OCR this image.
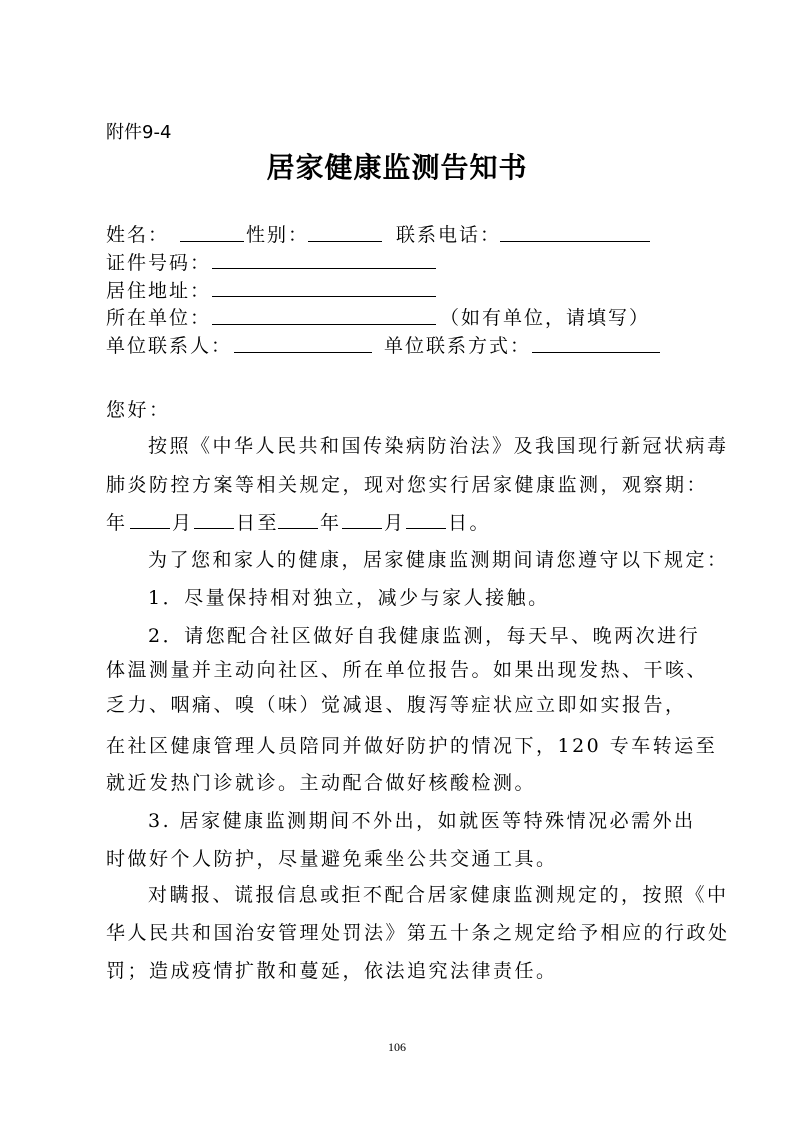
附件9-4
居家健康监测告知书
姓名：	性别：	联系电话：
证件号码：
居住地址：
所在单位：	（如有单位，请填写）
单位联系人：	单位联系方式：
您好：
按照《中华人民共和国传染病防治法》及我国现行新冠状病毒
肺炎防控方案等相关规定，现对您实行居家健康监测，观察期：
年 月 日至 年 月 日。
为了您和家人的健康，居家健康监测期间请您遵守以下规定：
1．尽量保持相对独立，减少与家人接触。
2．请您配合社区做好自我健康监测，每天早、晚两次进行
体温测量并主动向社区、所在单位报告。如果出现发热、干咳、
乏力、咽痛、嗅（味）觉减退、腹泻等症状应立即如实报告，
在社区健康管理人员陪同并做好防护的情况下，120 专车转运至
就近发热门诊就诊。主动配合做好核酸检测。
3. 居家健康监测期间不外出，如就医等特殊情况必需外出
时做好个人防护，尽量避免乘坐公共交通工具。
对瞒报、谎报信息或拒不配合居家健康监测规定的，按照《中
华人民共和国治安管理处罚法》第五十条之规定给予相应的行政处
罚；造成疫情扩散和蔓延，依法追究法律责任。
106
